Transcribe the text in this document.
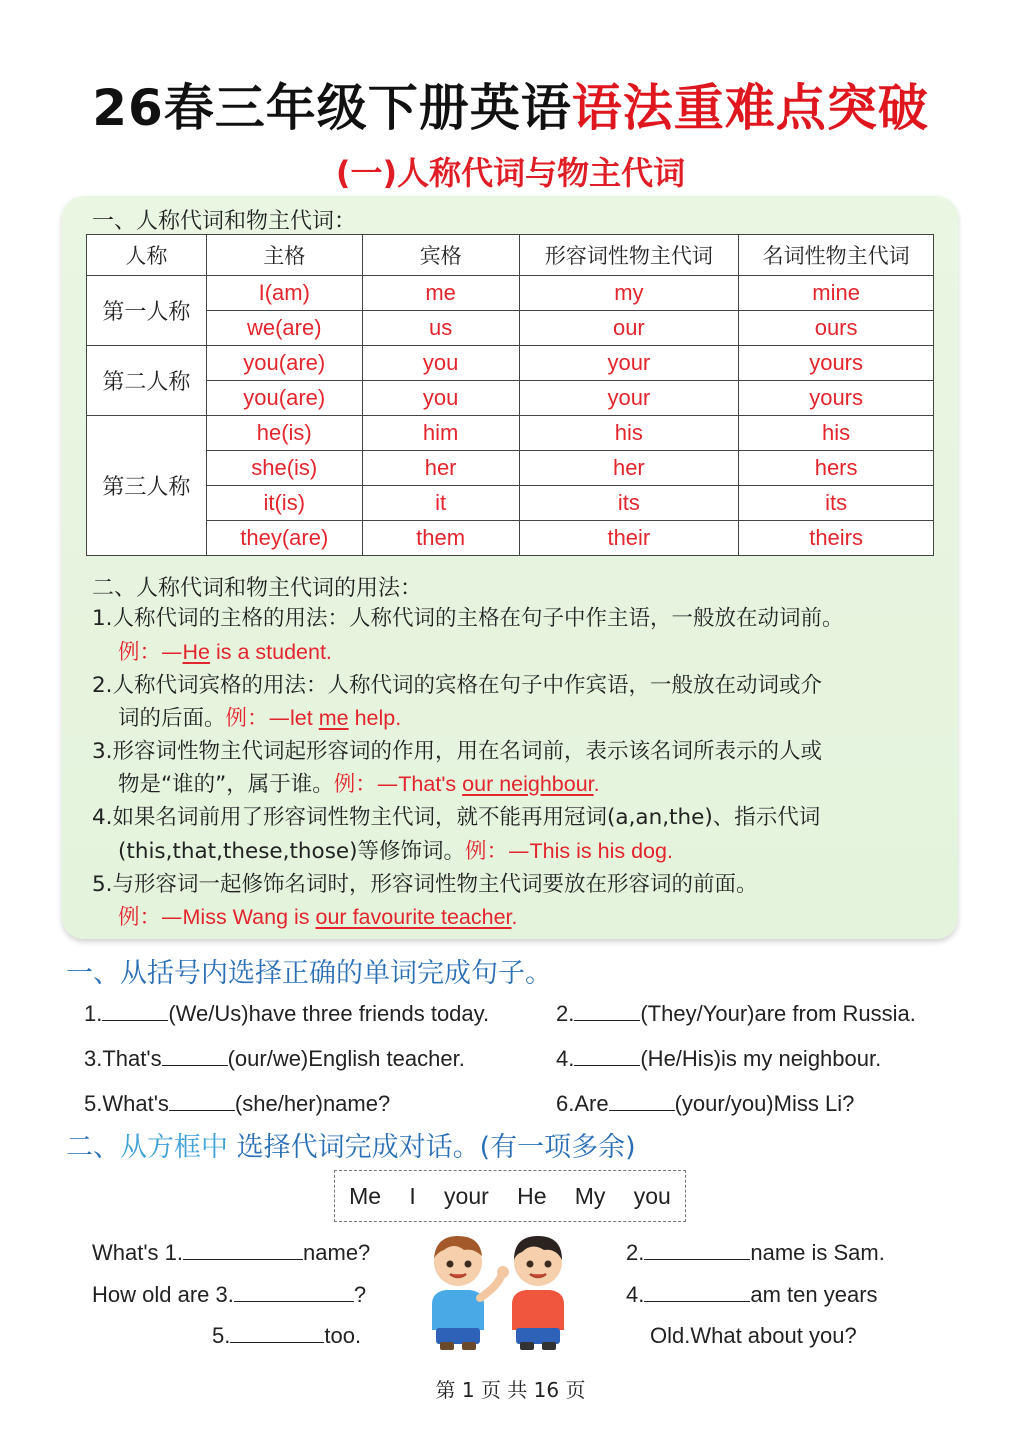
26春三年级下册英语语法重难点突破
(一)人称代词与物主代词
一、人称代词和物主代词：
人称	主格	宾格	形容词性物主代词	名词性物主代词
第一人称	I(am)	me	my	mine
	we(are)	us	our	ours
第二人称	you(are)	you	your	yours
	you(are)	you	your	yours
第三人称	he(is)	him	his	his
	she(is)	her	her	hers
	it(is)	it	its	its
	they(are)	them	their	theirs
二、人称代词和物主代词的用法：
1.人称代词的主格的用法：人称代词的主格在句子中作主语，一般放在动词前。
例：—He is a student.
2.人称代词宾格的用法：人称代词的宾格在句子中作宾语，一般放在动词或介
词的后面。例：—let me help.
3.形容词性物主代词起形容词的作用，用在名词前，表示该名词所表示的人或
物是“谁的”，属于谁。例：—That's our neighbour.
4.如果名词前用了形容词性物主代词，就不能再用冠词(a,an,the)、指示代词
(this,that,these,those)等修饰词。例：—This is his dog.
5.与形容词一起修饰名词时，形容词性物主代词要放在形容词的前面。
例：—Miss Wang is our favourite teacher.
一、从括号内选择正确的单词完成句子。
1.	(We/Us)have three friends today.	2.	(They/Your)are from Russia.
3.That's	(our/we)English teacher.	4.	(He/His)is my neighbour.
5.What's	(she/her)name?	6.Are	(your/you)Miss Li?
二、从方框中 选择代词完成对话。(有一项多余)
Me I your He My you
What's 1.	name?
How old are 3.	?
5.	too.
2.	name is Sam.
4.	am ten years
Old.What about you?
第 1 页 共 16 页
